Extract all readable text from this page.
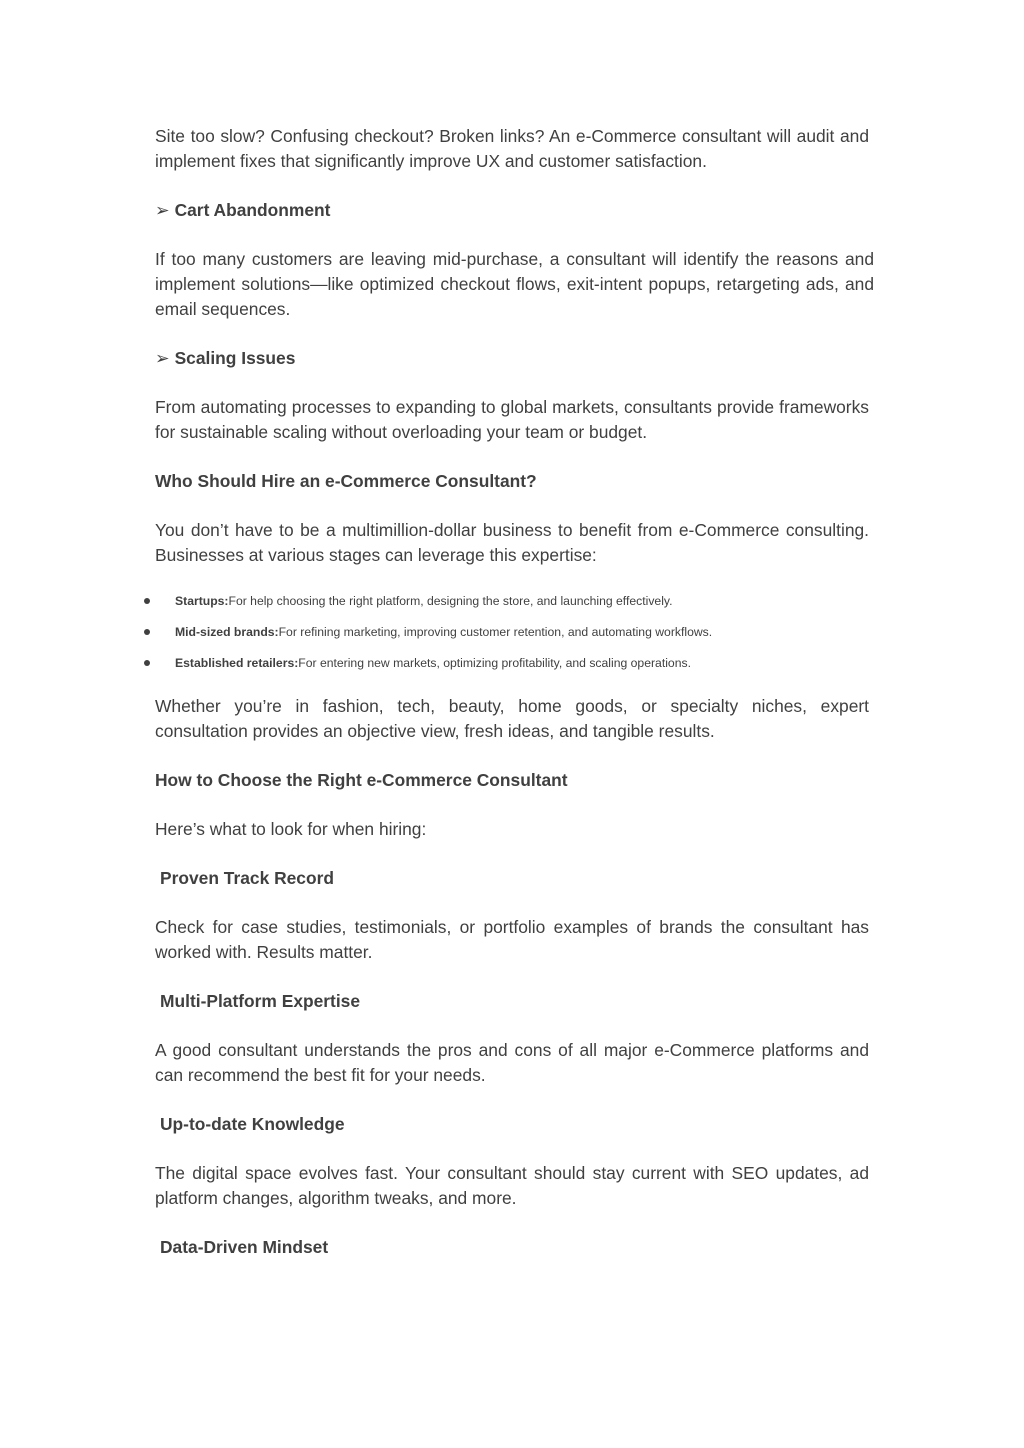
Site too slow? Confusing checkout? Broken links? An e-Commerce consultant will audit and implement fixes that significantly improve UX and customer satisfaction.

➢ Cart Abandonment

If too many customers are leaving mid-purchase, a consultant will identify the reasons and implement solutions—like optimized checkout flows, exit-intent popups, retargeting ads, and email sequences.

➢ Scaling Issues

From automating processes to expanding to global markets, consultants provide frameworks for sustainable scaling without overloading your team or budget.

Who Should Hire an e-Commerce Consultant?

You don’t have to be a multimillion-dollar business to benefit from e-Commerce consulting. Businesses at various stages can leverage this expertise:

Startups:For help choosing the right platform, designing the store, and launching effectively.
Mid-sized brands:For refining marketing, improving customer retention, and automating workflows.
Established retailers:For entering new markets, optimizing profitability, and scaling operations.

Whether you’re in fashion, tech, beauty, home goods, or specialty niches, expert consultation provides an objective view, fresh ideas, and tangible results.

How to Choose the Right e-Commerce Consultant

Here’s what to look for when hiring:

Proven Track Record

Check for case studies, testimonials, or portfolio examples of brands the consultant has worked with. Results matter.

Multi-Platform Expertise

A good consultant understands the pros and cons of all major e-Commerce platforms and can recommend the best fit for your needs.

Up-to-date Knowledge

The digital space evolves fast. Your consultant should stay current with SEO updates, ad platform changes, algorithm tweaks, and more.

Data-Driven Mindset
